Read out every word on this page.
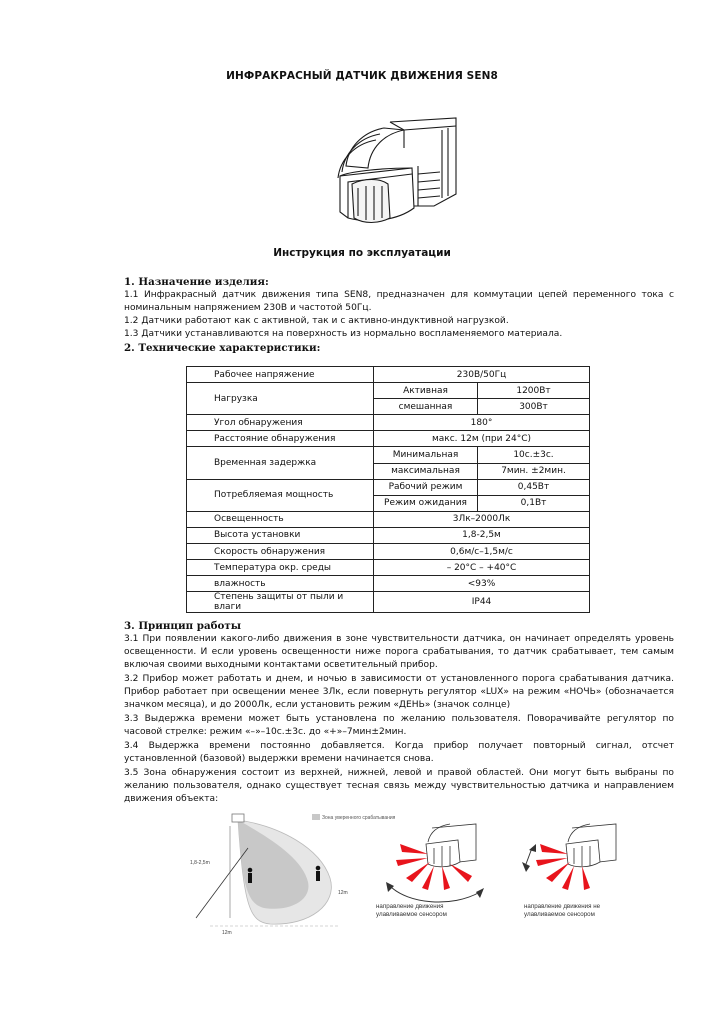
ИНФРАКРАСНЫЙ ДАТЧИК ДВИЖЕНИЯ SEN8
Инструкция по эксплуатации
1. Назначение изделия:
1.1 Инфракрасный датчик движения типа SEN8, предназначен для коммутации цепей переменного тока с номинальным напряжением 230В и частотой 50Гц.
1.2 Датчики работают как с активной, так и с активно-индуктивной нагрузкой.
1.3 Датчики устанавливаются на поверхность из нормально воспламеняемого материала.
2. Технические характеристики:
Рабочее напряжение	230В/50Гц	
Нагрузка	Активная	1200Вт
	смешанная	300Вт
Угол обнаружения	180°	
Расстояние обнаружения	макс. 12м (при 24°С)	
Временная задержка	Минимальная	10с.±3с.
	максимальная	7мин. ±2мин.
Потребляемая мощность	Рабочий режим	0,45Вт
	Режим ожидания	0,1Вт
Освещенность	3Лк–2000Лк	
Высота установки	1,8-2,5м	
Скорость обнаружения	0,6м/с–1,5м/с	
Температура окр. среды	– 20°С – +40°С	
влажность	<93%	
Степень защиты от пыли и влаги	IP44	
3. Принцип работы
3.1 При появлении какого-либо движения в зоне чувствительности датчика, он начинает определять уровень освещенности. И если уровень освещенности ниже порога срабатывания, то датчик срабатывает, тем самым включая своими выходными контактами осветительный прибор.
3.2 Прибор может работать и днем, и ночью в зависимости от установленного порога срабатывания датчика. Прибор работает при освещении менее 3Лк, если повернуть регулятор «LUX» на режим «НОЧЬ» (обозначается значком месяца), и до 2000Лк, если установить режим «ДЕНЬ» (значок солнце)
3.3 Выдержка времени может быть установлена по желанию пользователя. Поворачивайте регулятор по часовой стрелке: режим «–»–10с.±3с. до «+»–7мин±2мин.
3.4 Выдержка времени постоянно добавляется. Когда прибор получает повторный сигнал, отсчет установленной (базовой) выдержки времени начинается снова.
3.5 Зона обнаружения состоит из верхней, нижней, левой и правой областей. Они могут быть выбраны по желанию пользователя, однако существует тесная связь между чувствительностью датчика и направлением движения объекта:
Зона уверенного срабатывания
1,8-2,5m
12m
12m
направление движения
улавливаемое сенсором
направление движения не
улавливаемое сенсором
